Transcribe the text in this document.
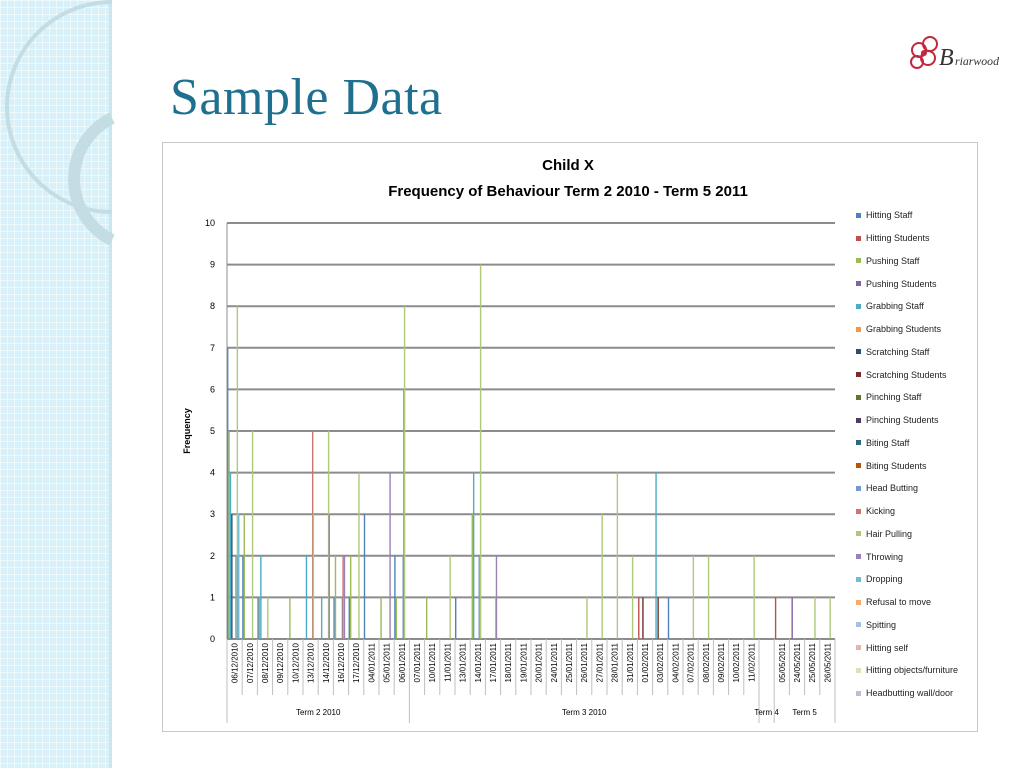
Sample Data
B riarwood
Child X
Frequency of Behaviour Term 2 2010 - Term 5 2011
0
1
2
3
4
5
6
7
8
9
10
06/12/2010 07/12/2010 08/12/2010 09/12/2010 10/12/2010 13/12/2010 14/12/2010 16/12/2010 17/12/2010 04/01/2011 05/01/2011 06/01/2011 07/01/2011 10/01/2011 11/01/2011 13/01/2011 14/01/2011 17/01/2011 18/01/2011 19/01/2011 20/01/2011 24/01/2011 25/01/2011 26/01/2011 27/01/2011 28/01/2011 31/01/2011 01/02/2011 03/02/2011 04/02/2011 07/02/2011 08/02/2011 09/02/2011 10/02/2011 11/02/2011	05/05/2011 24/05/2011 25/05/2011 26/05/2011
Term 2 2010	Term 3 2010	Term 4 Term 5
Frequency
Hitting Staff
Hitting Students
Pushing Staff
Pushing Students
Grabbing Staff
Grabbing Students
Scratching Staff
Scratching Students
Pinching Staff
Pinching Students
Biting Staff
Biting Students
Head Butting
Kicking
Hair Pulling
Throwing
Dropping
Refusal to move
Spitting
Hitting self
Hitting objects/furniture
Headbutting wall/door
